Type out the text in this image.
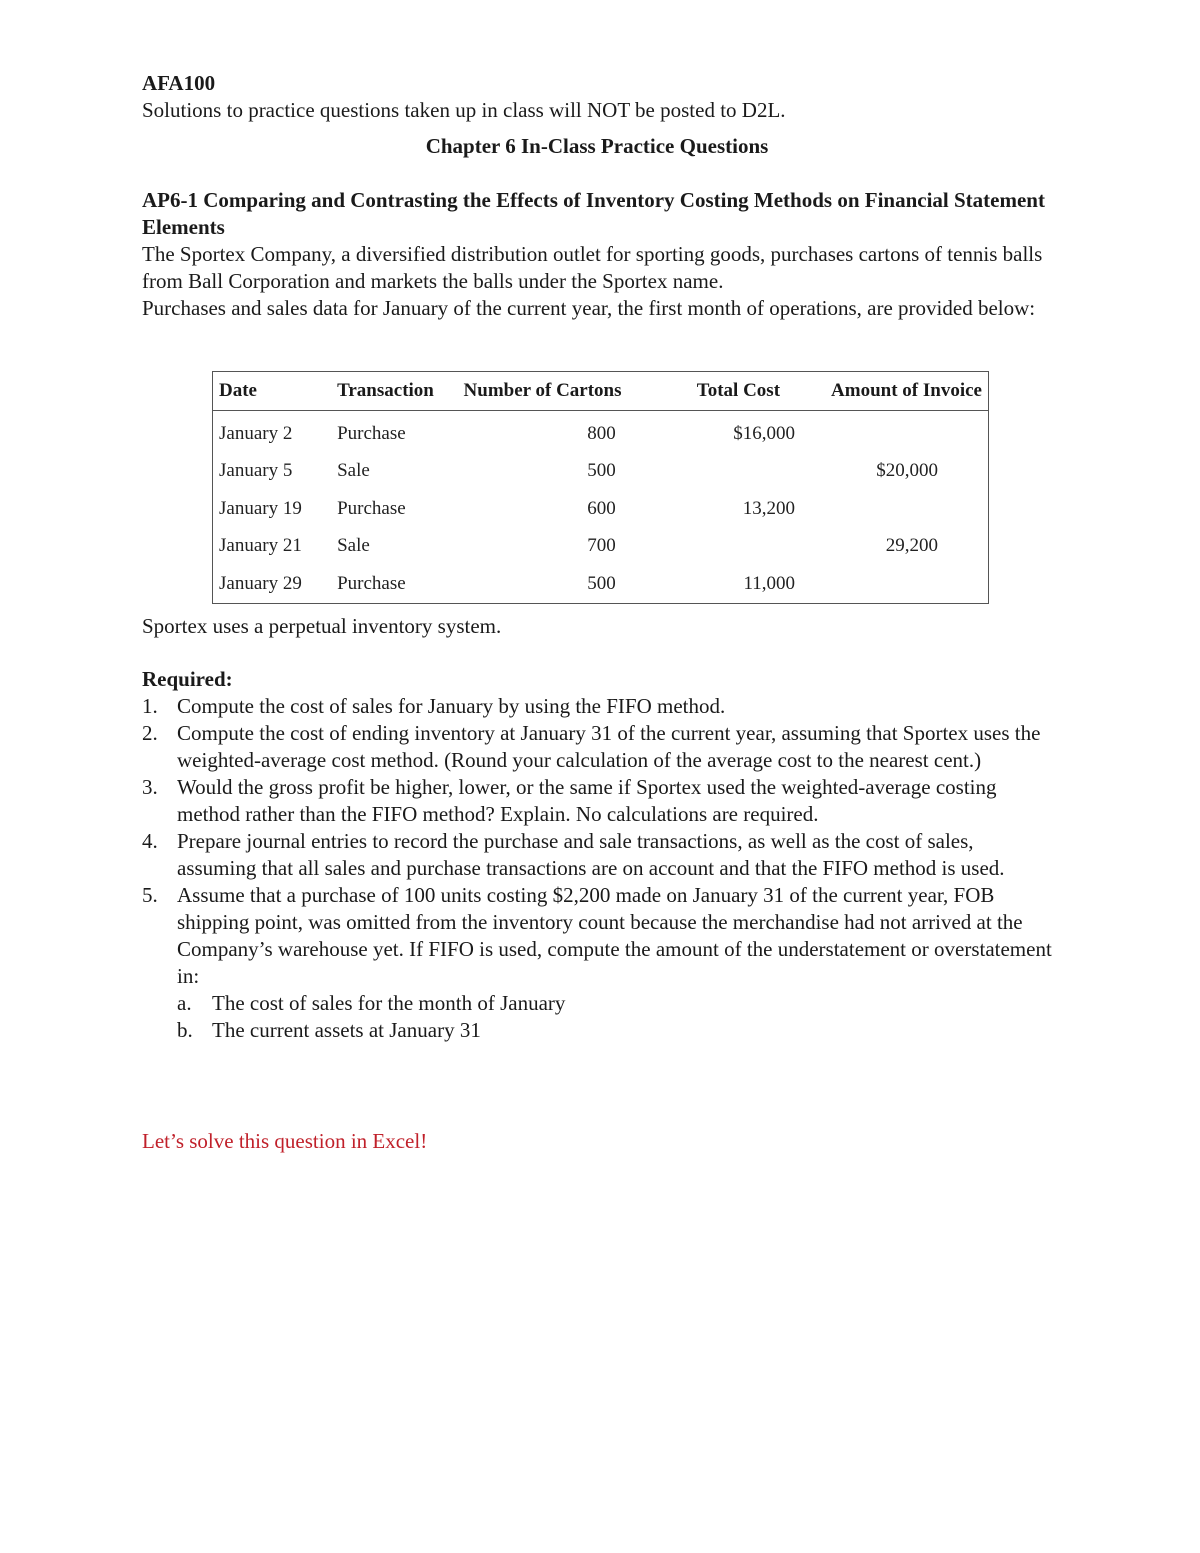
AFA100
Solutions to practice questions taken up in class will NOT be posted to D2L.
Chapter 6 In-Class Practice Questions
AP6-1 Comparing and Contrasting the Effects of Inventory Costing Methods on Financial Statement Elements
The Sportex Company, a diversified distribution outlet for sporting goods, purchases cartons of tennis balls from Ball Corporation and markets the balls under the Sportex name.
Purchases and sales data for January of the current year, the first month of operations, are provided below:
Date	Transaction	Number of Cartons	Total Cost	Amount of Invoice
January 2	Purchase	800	$16,000	
January 5	Sale	500		$20,000
January 19	Purchase	600	13,200	
January 21	Sale	700		29,200
January 29	Purchase	500	11,000	
Sportex uses a perpetual inventory system.
Required:
1. Compute the cost of sales for January by using the FIFO method.
2. Compute the cost of ending inventory at January 31 of the current year, assuming that Sportex uses the weighted-average cost method. (Round your calculation of the average cost to the nearest cent.)
3. Would the gross profit be higher, lower, or the same if Sportex used the weighted-average costing method rather than the FIFO method? Explain. No calculations are required.
4. Prepare journal entries to record the purchase and sale transactions, as well as the cost of sales, assuming that all sales and purchase transactions are on account and that the FIFO method is used.
5. Assume that a purchase of 100 units costing $2,200 made on January 31 of the current year, FOB shipping point, was omitted from the inventory count because the merchandise had not arrived at the Company’s warehouse yet. If FIFO is used, compute the amount of the understatement or overstatement in:
a. The cost of sales for the month of January
b. The current assets at January 31
Let’s solve this question in Excel!
